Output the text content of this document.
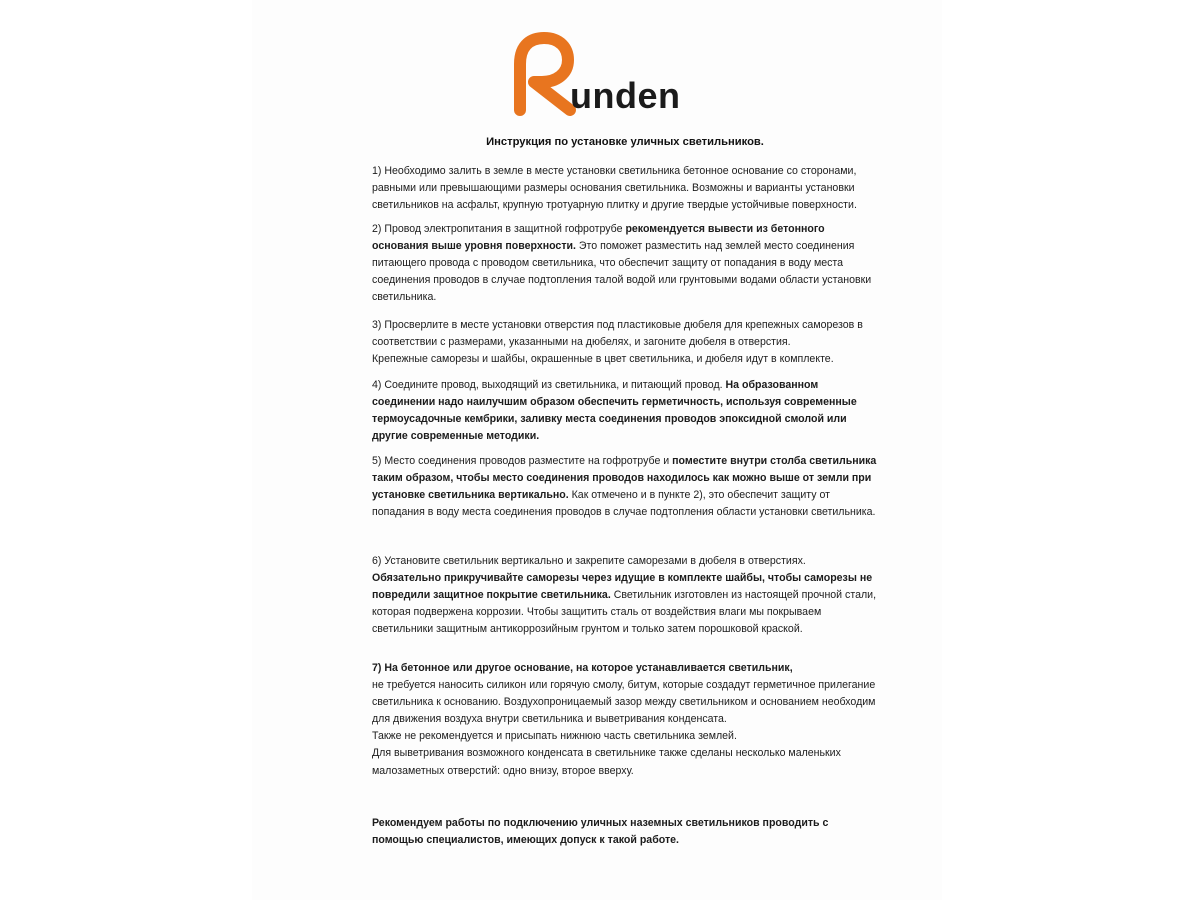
unden
Инструкция по установке уличных светильников.

1) Необходимо залить в земле в месте установки светильника бетонное основание со сторонами, равными или превышающими размеры основания светильника. Возможны и варианты установки светильников на асфальт, крупную тротуарную плитку и другие твердые устойчивые поверхности.

2) Провод электропитания в защитной гофротрубе рекомендуется вывести из бетонного основания выше уровня поверхности. Это поможет разместить над землей место соединения питающего провода с проводом светильника, что обеспечит защиту от попадания в воду места соединения проводов в случае подтопления талой водой или грунтовыми водами области установки светильника.

3) Просверлите в месте установки отверстия под пластиковые дюбеля для крепежных саморезов в соответствии с размерами, указанными на дюбелях, и загоните дюбеля в отверстия.

Крепежные саморезы и шайбы, окрашенные в цвет светильника, и дюбеля идут в комплекте.

4) Соедините провод, выходящий из светильника, и питающий провод. На образованном соединении надо наилучшим образом обеспечить герметичность, используя современные термоусадочные кембрики, заливку места соединения проводов эпоксидной смолой или другие современные методики.

5) Место соединения проводов разместите на гофротрубе и поместите внутри столба светильника таким образом, чтобы место соединения проводов находилось как можно выше от земли при установке светильника вертикально. Как отмечено и в пункте 2), это обеспечит защиту от попадания в воду места соединения проводов в случае подтопления области установки светильника.

6) Установите светильник вертикально и закрепите саморезами в дюбеля в отверстиях.

Обязательно прикручивайте саморезы через идущие в комплекте шайбы, чтобы саморезы не повредили защитное покрытие светильника. Светильник изготовлен из настоящей прочной стали, которая подвержена коррозии. Чтобы защитить сталь от воздействия влаги мы покрываем светильники защитным антикоррозийным грунтом и только затем порошковой краской.

7) На бетонное или другое основание, на которое устанавливается светильник,

не требуется наносить силикон или горячую смолу, битум, которые создадут герметичное прилегание светильника к основанию. Воздухопроницаемый зазор между светильником и основанием необходим для движения воздуха внутри светильника и выветривания конденсата.

Также не рекомендуется и присыпать нижнюю часть светильника землей.

Для выветривания возможного конденсата в светильнике также сделаны несколько маленьких малозаметных отверстий: одно внизу, второе вверху.

Рекомендуем работы по подключению уличных наземных светильников проводить с помощью специалистов, имеющих допуск к такой работе.
